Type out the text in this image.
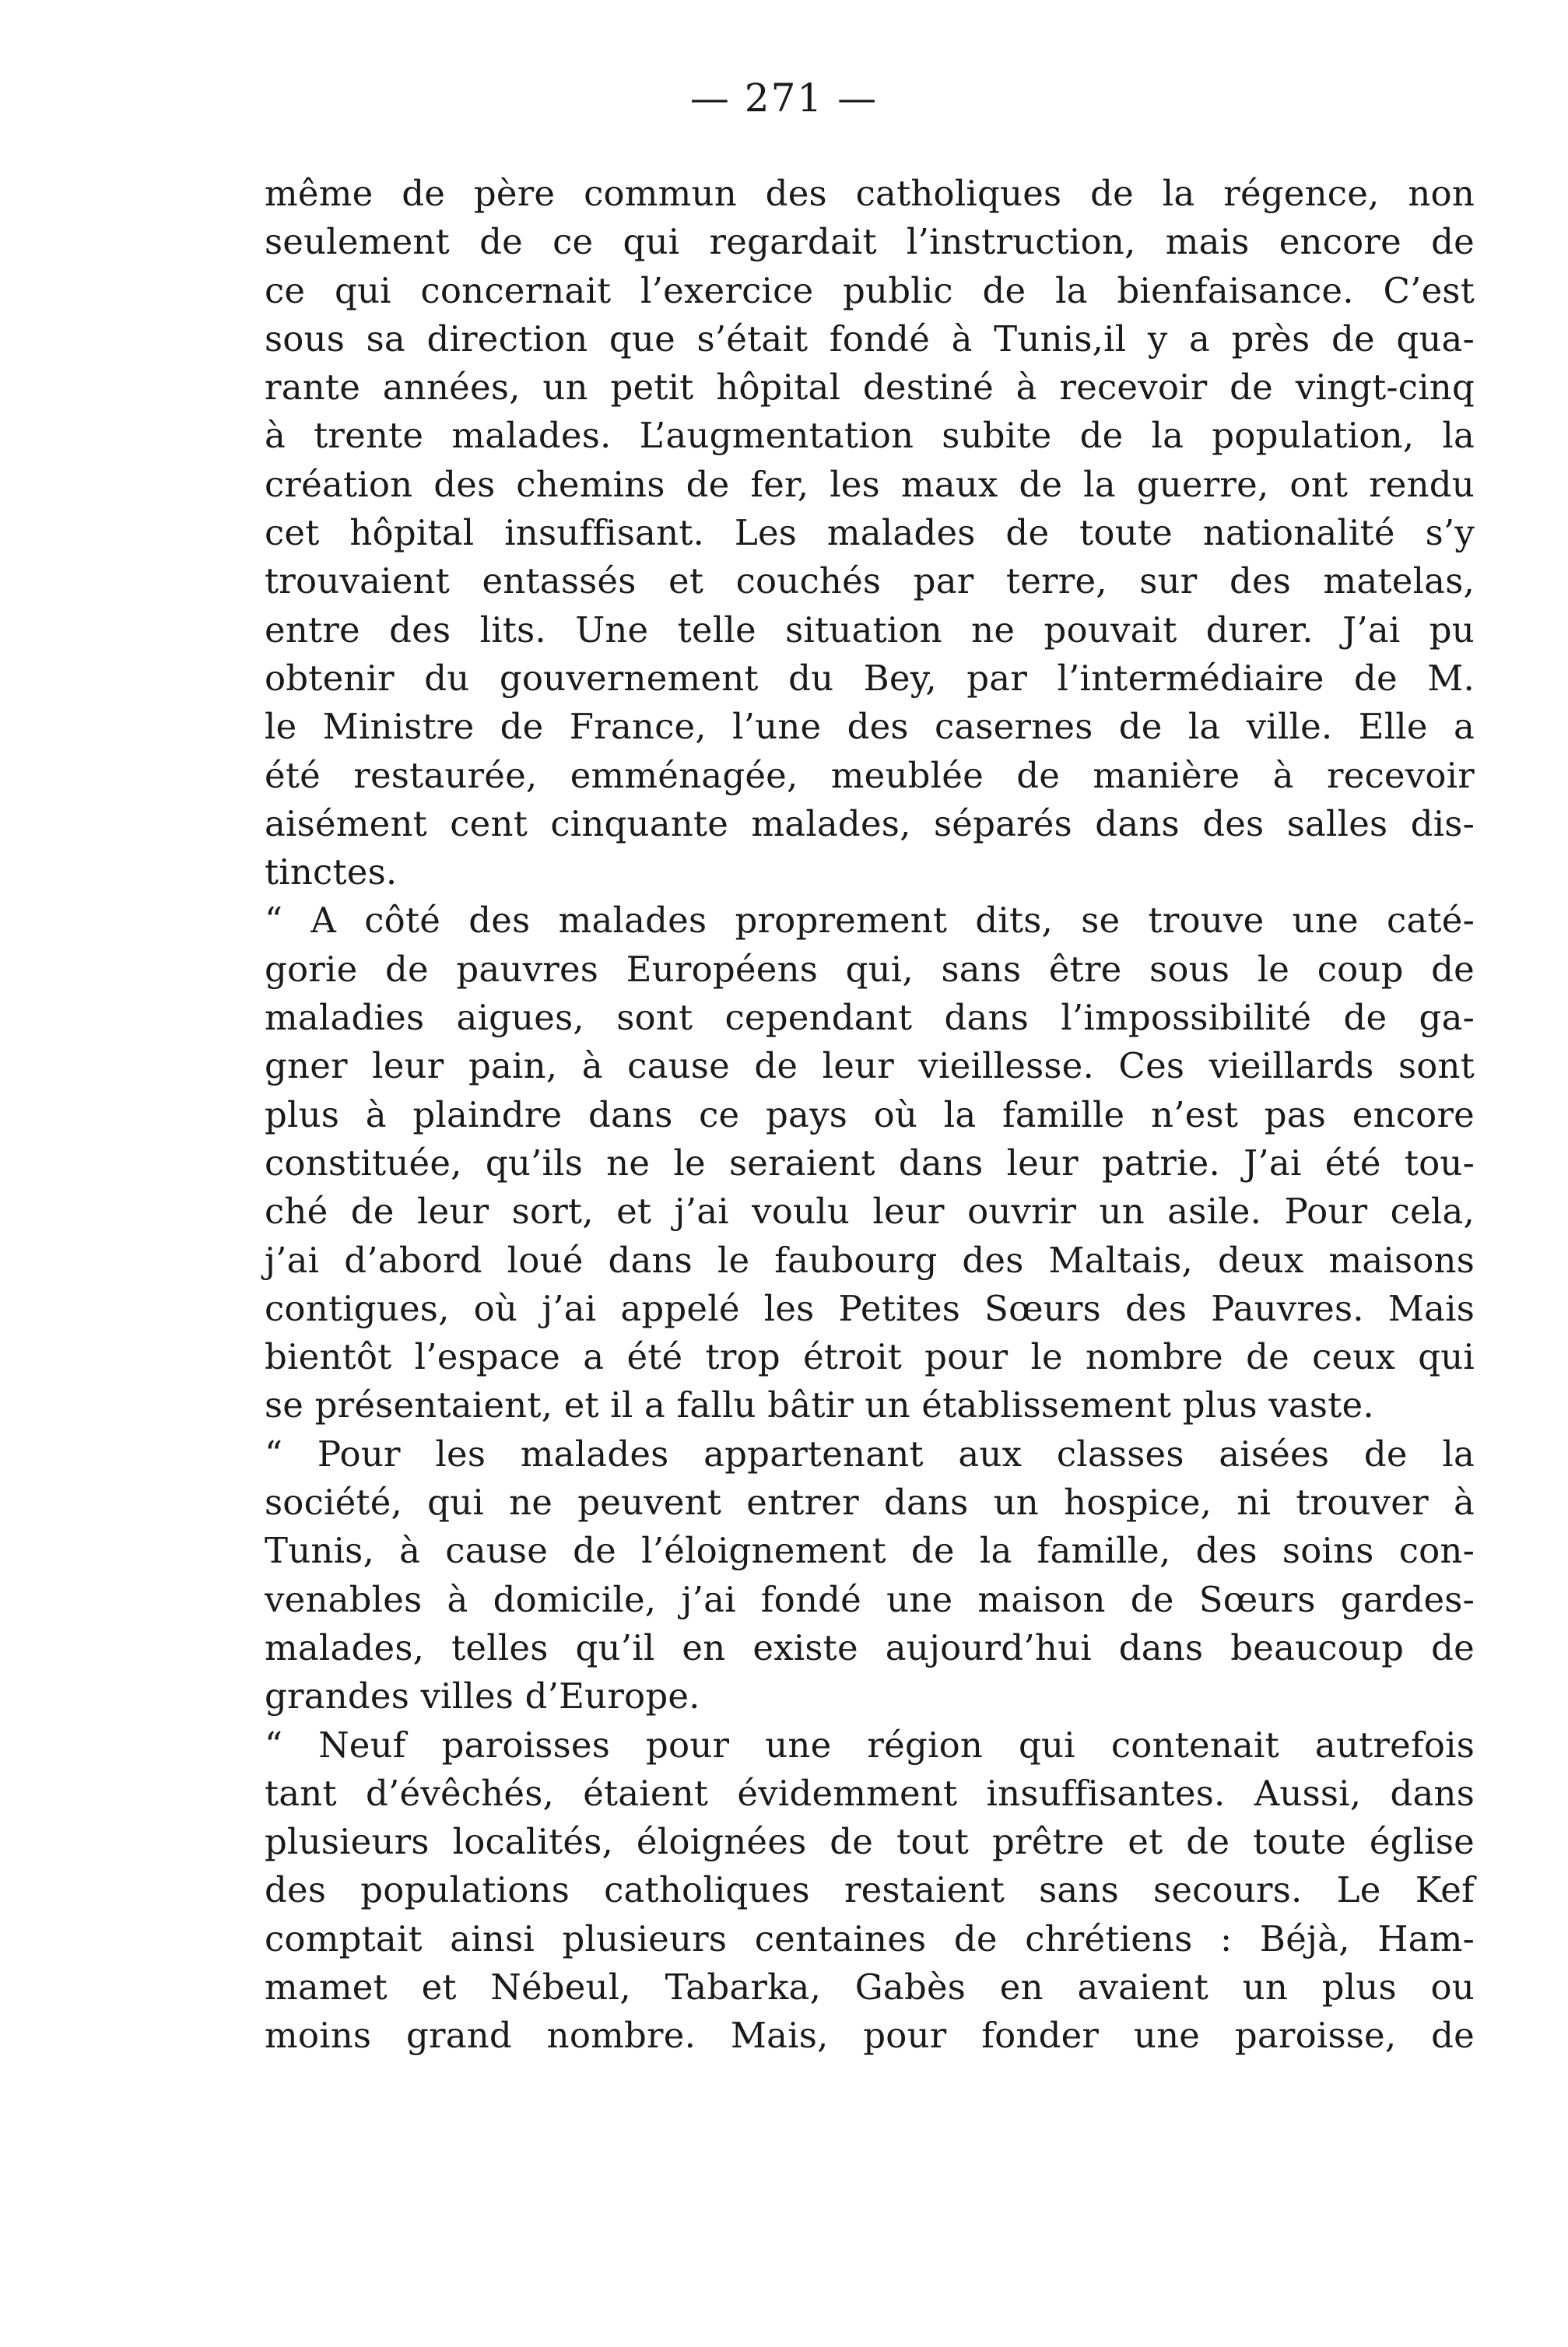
— 271 —
même de père commun des catholiques de la régence, non
seulement de ce qui regardait l’instruction, mais encore de
ce qui concernait l’exercice public de la bienfaisance. C’est
sous sa direction que s’était fondé à Tunis,il y a près de qua-
rante années, un petit hôpital destiné à recevoir de vingt-cinq
à trente malades. L’augmentation subite de la population, la
création des chemins de fer, les maux de la guerre, ont rendu
cet hôpital insuffisant. Les malades de toute nationalité s’y
trouvaient entassés et couchés par terre, sur des matelas,
entre des lits. Une telle situation ne pouvait durer. J’ai pu
obtenir du gouvernement du Bey, par l’intermédiaire de M.
le Ministre de France, l’une des casernes de la ville. Elle a
été restaurée, emménagée, meublée de manière à recevoir
aisément cent cinquante malades, séparés dans des salles dis-
tinctes.
“ A côté des malades proprement dits, se trouve une caté-
gorie de pauvres Européens qui, sans être sous le coup de
maladies aigues, sont cependant dans l’impossibilité de ga-
gner leur pain, à cause de leur vieillesse. Ces vieillards sont
plus à plaindre dans ce pays où la famille n’est pas encore
constituée, qu’ils ne le seraient dans leur patrie. J’ai été tou-
ché de leur sort, et j’ai voulu leur ouvrir un asile. Pour cela,
j’ai d’abord loué dans le faubourg des Maltais, deux maisons
contigues, où j’ai appelé les Petites Sœurs des Pauvres. Mais
bientôt l’espace a été trop étroit pour le nombre de ceux qui
se présentaient, et il a fallu bâtir un établissement plus vaste.
“ Pour les malades appartenant aux classes aisées de la
société, qui ne peuvent entrer dans un hospice, ni trouver à
Tunis, à cause de l’éloignement de la famille, des soins con-
venables à domicile, j’ai fondé une maison de Sœurs gardes-
malades, telles qu’il en existe aujourd’hui dans beaucoup de
grandes villes d’Europe.
“ Neuf paroisses pour une région qui contenait autrefois
tant d’évêchés, étaient évidemment insuffisantes. Aussi, dans
plusieurs localités, éloignées de tout prêtre et de toute église
des populations catholiques restaient sans secours. Le Kef
comptait ainsi plusieurs centaines de chrétiens : Béjà, Ham-
mamet et Nébeul, Tabarka, Gabès en avaient un plus ou
moins grand nombre. Mais, pour fonder une paroisse, de
